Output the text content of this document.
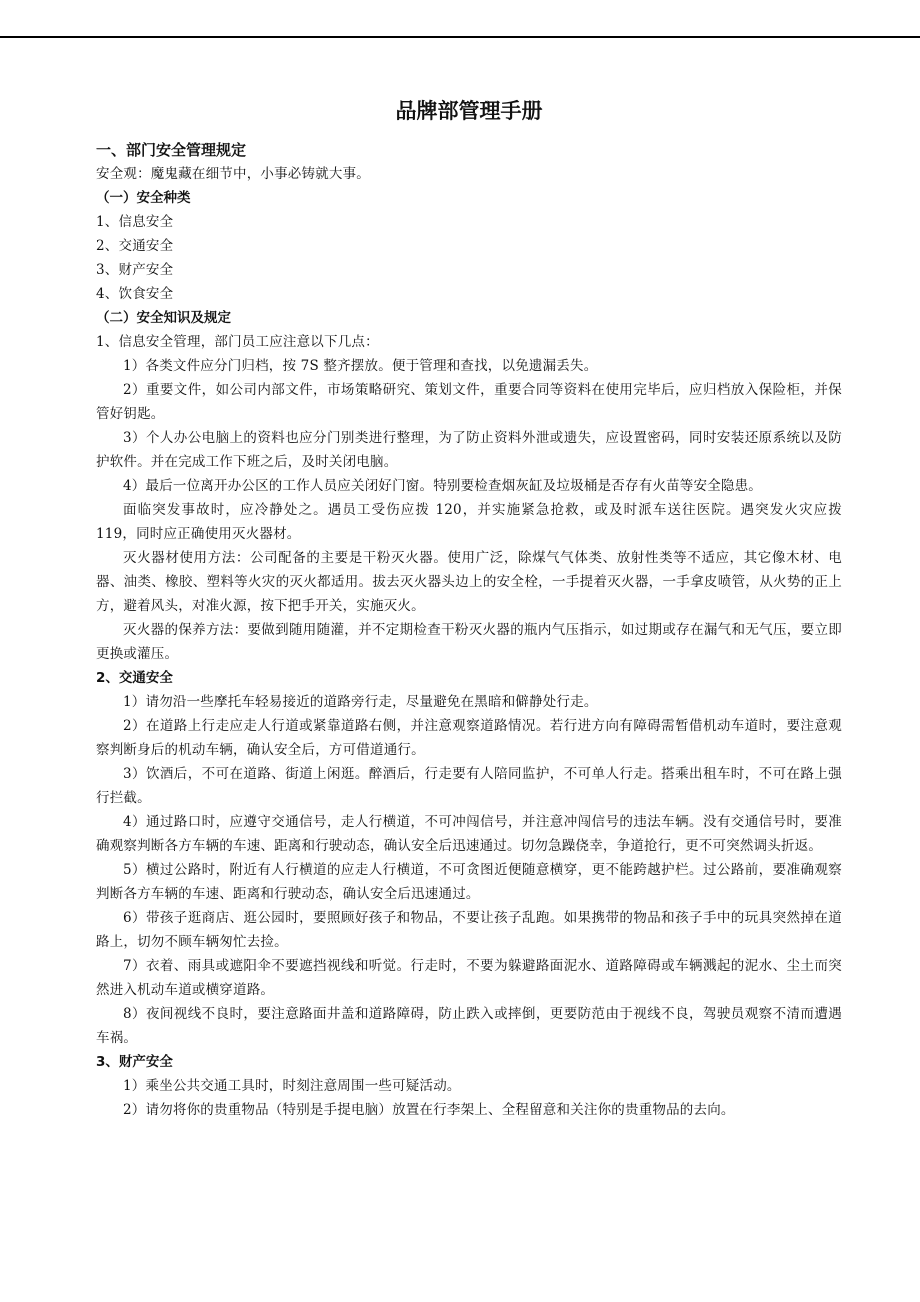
品牌部管理手册
一、部门安全管理规定
安全观：魔鬼藏在细节中，小事必铸就大事。
（一）安全种类
1、信息安全
2、交通安全
3、财产安全
4、饮食安全
（二）安全知识及规定
1、信息安全管理，部门员工应注意以下几点：
1）各类文件应分门归档，按 7S 整齐摆放。便于管理和查找，以免遗漏丢失。
2）重要文件，如公司内部文件，市场策略研究、策划文件，重要合同等资料在使用完毕后，应归档放入保险柜，并保管好钥匙。
3）个人办公电脑上的资料也应分门别类进行整理，为了防止资料外泄或遗失，应设置密码，同时安装还原系统以及防护软件。并在完成工作下班之后，及时关闭电脑。
4）最后一位离开办公区的工作人员应关闭好门窗。特别要检查烟灰缸及垃圾桶是否存有火苗等安全隐患。
面临突发事故时，应冷静处之。遇员工受伤应拨 120，并实施紧急抢救，或及时派车送往医院。遇突发火灾应拨 119，同时应正确使用灭火器材。
灭火器材使用方法：公司配备的主要是干粉灭火器。使用广泛，除煤气气体类、放射性类等不适应，其它像木材、电器、油类、橡胶、塑料等火灾的灭火都适用。拔去灭火器头边上的安全栓，一手提着灭火器，一手拿皮喷管，从火势的正上方，避着风头，对准火源，按下把手开关，实施灭火。
灭火器的保养方法：要做到随用随灌，并不定期检查干粉灭火器的瓶内气压指示，如过期或存在漏气和无气压，要立即更换或灌压。
2、交通安全
1）请勿沿一些摩托车轻易接近的道路旁行走，尽量避免在黑暗和僻静处行走。
2）在道路上行走应走人行道或紧靠道路右侧，并注意观察道路情况。若行进方向有障碍需暂借机动车道时，要注意观察判断身后的机动车辆，确认安全后，方可借道通行。
3）饮酒后，不可在道路、街道上闲逛。醉酒后，行走要有人陪同监护，不可单人行走。搭乘出租车时，不可在路上强行拦截。
4）通过路口时，应遵守交通信号，走人行横道，不可冲闯信号，并注意冲闯信号的违法车辆。没有交通信号时，要准确观察判断各方车辆的车速、距离和行驶动态，确认安全后迅速通过。切勿急躁侥幸，争道抢行，更不可突然调头折返。
5）横过公路时，附近有人行横道的应走人行横道，不可贪图近便随意横穿，更不能跨越护栏。过公路前，要准确观察判断各方车辆的车速、距离和行驶动态，确认安全后迅速通过。
6）带孩子逛商店、逛公园时，要照顾好孩子和物品，不要让孩子乱跑。如果携带的物品和孩子手中的玩具突然掉在道路上，切勿不顾车辆匆忙去捡。
7）衣着、雨具或遮阳伞不要遮挡视线和听觉。行走时，不要为躲避路面泥水、道路障碍或车辆溅起的泥水、尘土而突然进入机动车道或横穿道路。
8）夜间视线不良时，要注意路面井盖和道路障碍，防止跌入或摔倒，更要防范由于视线不良，驾驶员观察不清而遭遇车祸。
3、财产安全
1）乘坐公共交通工具时，时刻注意周围一些可疑活动。
2）请勿将你的贵重物品（特别是手提电脑）放置在行李架上、全程留意和关注你的贵重物品的去向。
